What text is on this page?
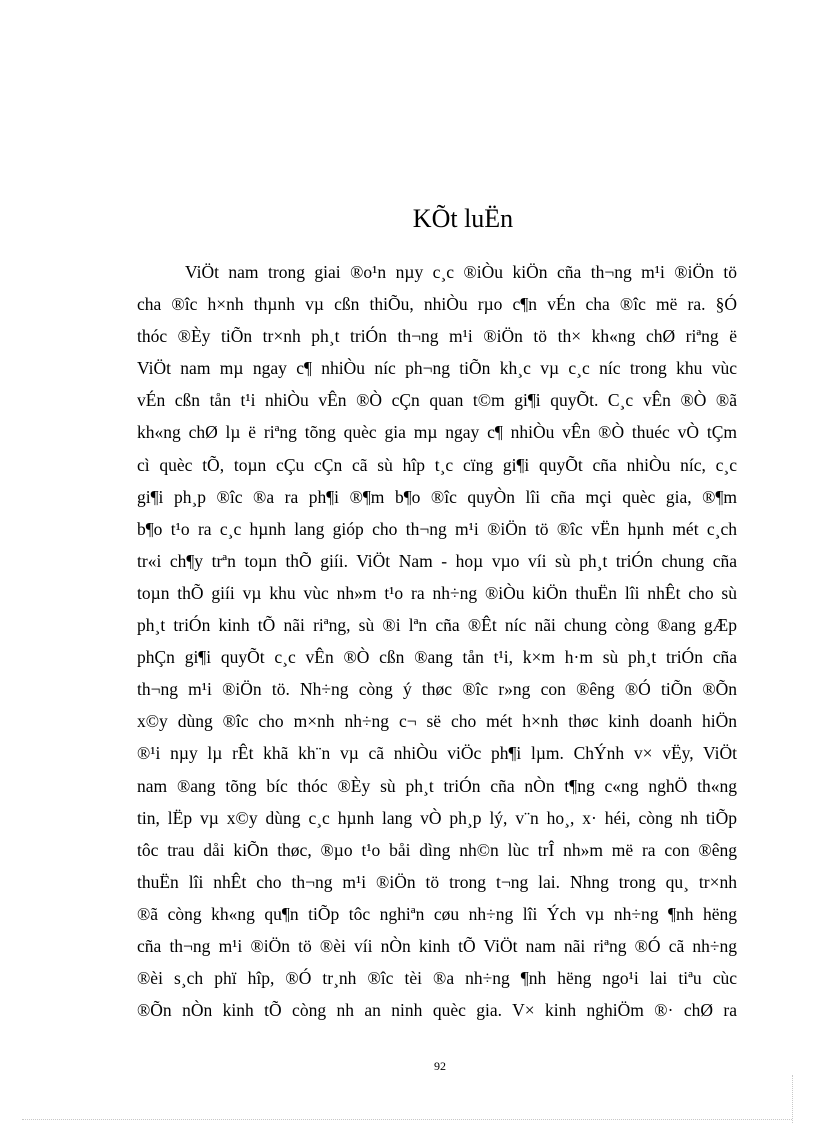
KÕt luËn
ViÖt nam trong giai ®o¹n nµy c¸c ®iÒu kiÖn cña th¬ng m¹i ®iÖn tö
cha ®îc h×nh thµnh vµ cßn thiÕu, nhiÒu rµo c¶n vÉn cha ®îc më ra. §Ó
thóc ®Èy tiÕn tr×nh ph¸t triÓn th¬ng m¹i ®iÖn tö th× kh«ng chØ riªng ë
ViÖt nam mµ ngay c¶ nhiÒu níc ph¬ng tiÕn kh¸c vµ c¸c níc trong khu vùc
vÉn cßn tån t¹i nhiÒu vÊn ®Ò cÇn quan t©m gi¶i quyÕt. C¸c vÊn ®Ò ®ã
kh«ng chØ lµ ë riªng tõng quèc gia mµ ngay c¶ nhiÒu vÊn ®Ò thuéc vÒ tÇm
cì quèc tÕ, toµn cÇu cÇn cã sù hîp t¸c cïng gi¶i quyÕt cña nhiÒu níc, c¸c
gi¶i ph¸p ®îc ®a ra ph¶i ®¶m b¶o ®îc quyÒn lîi cña mçi quèc gia, ®¶m
b¶o t¹o ra c¸c hµnh lang gióp cho th¬ng m¹i ®iÖn tö ®îc vËn hµnh mét c¸ch
tr«i ch¶y trªn toµn thÕ giíi. ViÖt Nam - hoµ vµo víi sù ph¸t triÓn chung cña
toµn thÕ giíi vµ khu vùc nh»m t¹o ra nh÷ng ®iÒu kiÖn thuËn lîi nhÊt cho sù
ph¸t triÓn kinh tÕ nãi riªng, sù ®i lªn cña ®Êt níc nãi chung còng ®ang gÆp
phÇn gi¶i quyÕt c¸c vÊn ®Ò cßn ®ang tån t¹i, k×m h·m sù ph¸t triÓn cña
th¬ng m¹i ®iÖn tö. Nh÷ng còng ý thøc ®îc r»ng con ®êng ®Ó tiÕn ®Õn
x©y dùng ®îc cho m×nh nh÷ng c¬ së cho mét h×nh thøc kinh doanh hiÖn
®¹i nµy lµ rÊt khã kh¨n vµ cã nhiÒu viÖc ph¶i lµm. ChÝnh v× vËy, ViÖt
nam ®ang tõng bíc thóc ®Èy sù ph¸t triÓn cña nÒn t¶ng c«ng nghÖ th«ng
tin, lËp vµ x©y dùng c¸c hµnh lang vÒ ph¸p lý, v¨n ho¸, x· héi, còng nh tiÕp
tôc trau dåi kiÕn thøc, ®µo t¹o båi dìng nh©n lùc trÎ nh»m më ra con ®êng
thuËn lîi nhÊt cho th¬ng m¹i ®iÖn tö trong t¬ng lai. Nhng trong qu¸ tr×nh
®ã còng kh«ng qu¶n tiÕp tôc nghiªn cøu nh÷ng lîi Ých vµ nh÷ng ¶nh hëng
cña th¬ng m¹i ®iÖn tö ®èi víi nÒn kinh tÕ ViÖt nam nãi riªng ®Ó cã nh÷ng
®èi s¸ch phï hîp, ®Ó tr¸nh ®îc tèi ®a nh÷ng ¶nh hëng ngo¹i lai tiªu cùc
®Õn nÒn kinh tÕ còng nh an ninh quèc gia. V× kinh nghiÖm ®· chØ ra
92
